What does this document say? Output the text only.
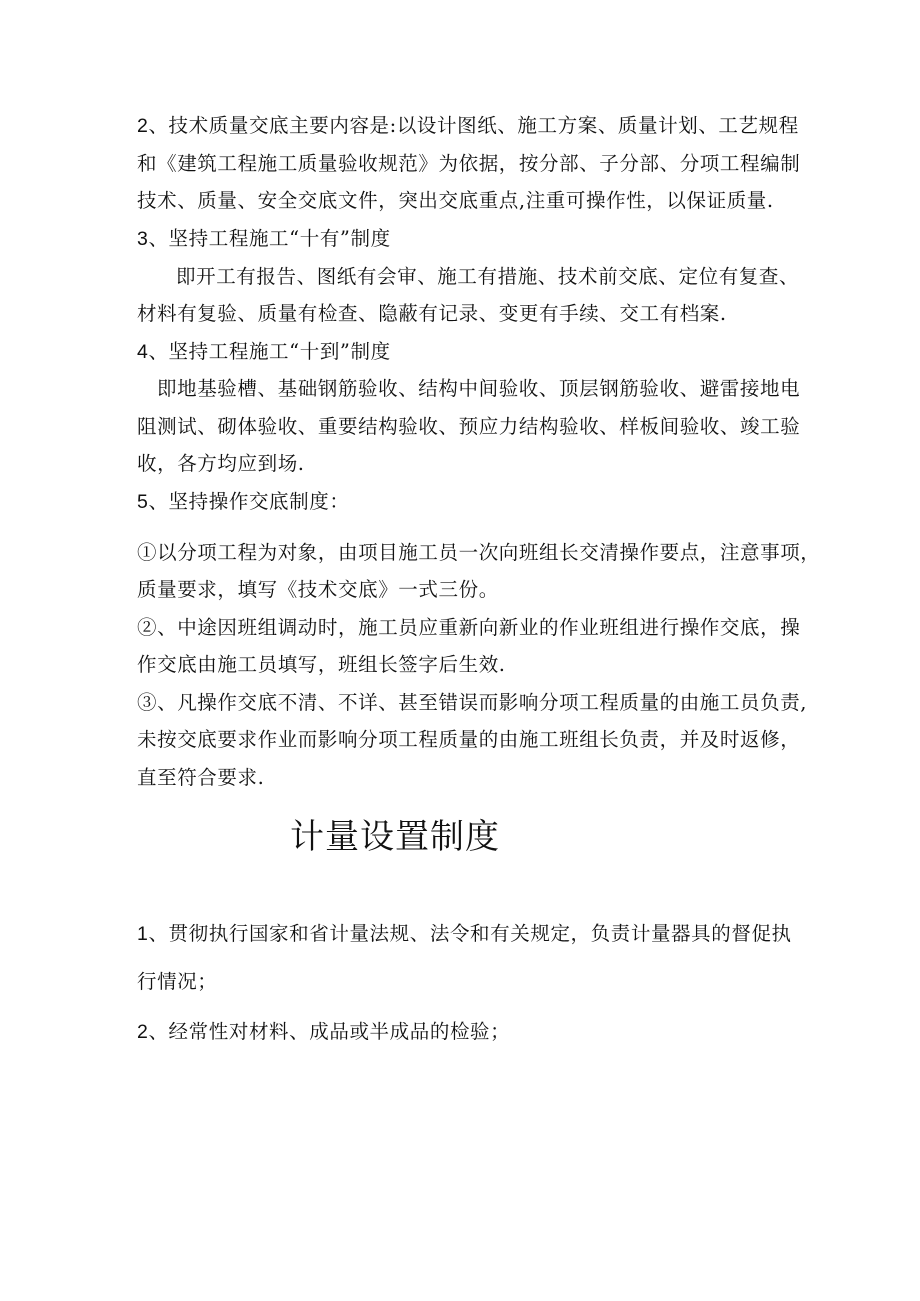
2、技术质量交底主要内容是:以设计图纸、施工方案、质量计划、工艺规程
和《建筑工程施工质量验收规范》为依据，按分部、子分部、分项工程编制
技术、质量、安全交底文件，突出交底重点,注重可操作性，以保证质量.
3、坚持工程施工“十有”制度
即开工有报告、图纸有会审、施工有措施、技术前交底、定位有复查、
材料有复验、质量有检查、隐蔽有记录、变更有手续、交工有档案.
4、坚持工程施工“十到”制度
即地基验槽、基础钢筋验收、结构中间验收、顶层钢筋验收、避雷接地电
阻测试、砌体验收、重要结构验收、预应力结构验收、样板间验收、竣工验
收，各方均应到场.
5、坚持操作交底制度：
①以分项工程为对象，由项目施工员一次向班组长交清操作要点，注意事项，
质量要求，填写《技术交底》一式三份。
②、中途因班组调动时，施工员应重新向新业的作业班组进行操作交底，操
作交底由施工员填写，班组长签字后生效.
③、凡操作交底不清、不详、甚至错误而影响分项工程质量的由施工员负责,
未按交底要求作业而影响分项工程质量的由施工班组长负责，并及时返修，
直至符合要求.
计量设置制度
1、贯彻执行国家和省计量法规、法令和有关规定，负责计量器具的督促执
行情况；
2、经常性对材料、成品或半成品的检验；
